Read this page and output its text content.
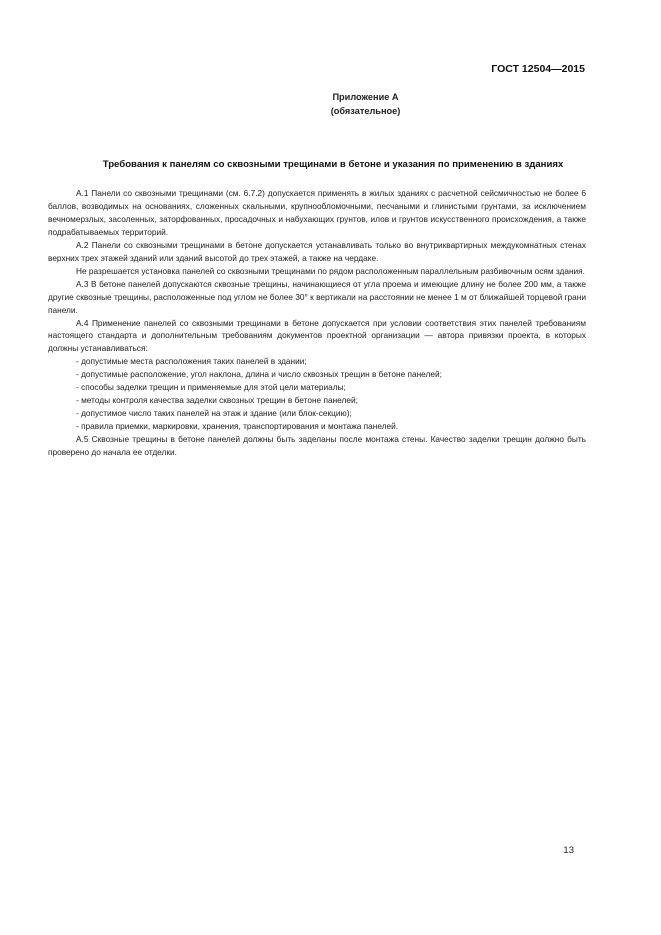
ГОСТ 12504—2015
Приложение А
(обязательное)
Требования к панелям со сквозными трещинами в бетоне и указания по применению в зданиях

А.1 Панели со сквозными трещинами (см. 6.7.2) допускается применять в жилых зданиях с расчетной сейсмичностью не более 6 баллов, возводимых на основаниях, сложенных скальными, крупнообломочными, песчаными и глинистыми грунтами, за исключением вечномерзлых, засоленных, заторфованных, просадочных и набухающих грунтов, илов и грунтов искусственного происхождения, а также подрабатываемых территорий.

А.2 Панели со сквозными трещинами в бетоне допускается устанавливать только во внутриквартирных междукомнатных стенах верхних трех этажей зданий или зданий высотой до трех этажей, а также на чердаке.

Не разрешается установка панелей со сквозными трещинами по рядом расположенным параллельным разбивочным осям здания.

А.3 В бетоне панелей допускаются сквозные трещины, начинающиеся от угла проема и имеющие длину не более 200 мм, а также другие сквозные трещины, расположенные под углом не более 30° к вертикали на расстоянии не менее 1 м от ближайшей торцевой грани панели.

А.4 Применение панелей со сквозными трещинами в бетоне допускается при условии соответствия этих панелей требованиям настоящего стандарта и дополнительным требованиям документов проектной организации — автора привязки проекта, в которых должны устанавливаться:

- допустимые места расположения таких панелей в здании;
- допустимые расположение, угол наклона, длина и число сквозных трещин в бетоне панелей;
- способы заделки трещин и применяемые для этой цели материалы;
- методы контроля качества заделки сквозных трещин в бетоне панелей;
- допустимое число таких панелей на этаж и здание (или блок-секцию);
- правила приемки, маркировки, хранения, транспортирования и монтажа панелей.

А.5 Сквозные трещины в бетоне панелей должны быть заделаны после монтажа стены. Качество заделки трещин должно быть проверено до начала ее отделки.

13
